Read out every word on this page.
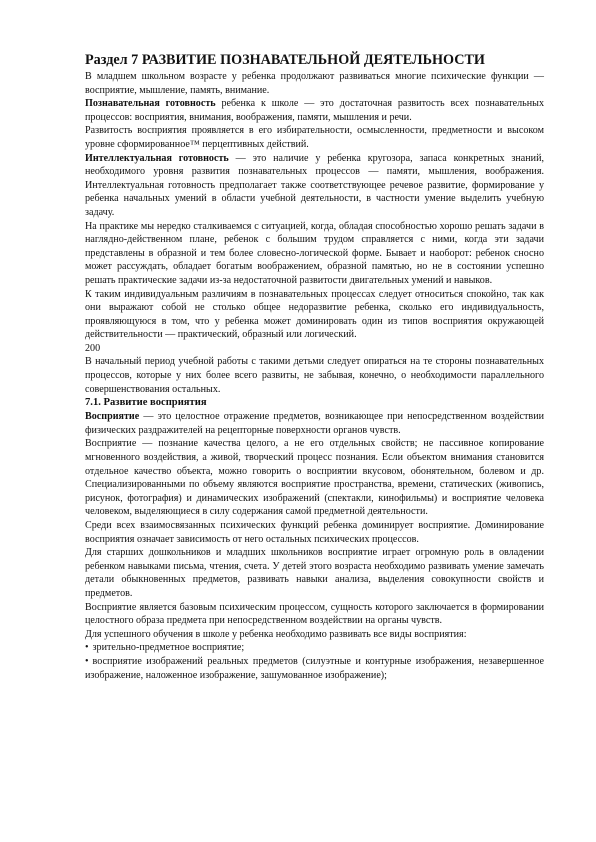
Раздел 7 РАЗВИТИЕ ПОЗНАВАТЕЛЬНОЙ ДЕЯТЕЛЬНОСТИ

В младшем школьном возрасте у ребенка продолжают развиваться многие психические функции — восприятие, мышление, память, внимание.

Познавательная готовность ребенка к школе — это достаточная развитость всех познавательных процессов: восприятия, внимания, воображения, памяти, мышления и речи.

Развитость восприятия проявляется в его избирательности, осмысленности, предметности и высоком уровне сформированное™ перцептивных действий.

Интеллектуальная готовность — это наличие у ребенка кругозора, запаса конкретных знаний, необходимого уровня развития познавательных процессов — памяти, мышления, воображения. Интеллектуальная готовность предполагает также соответствующее речевое развитие, формирование у ребенка начальных умений в области учебной деятельности, в частности умение выделить учебную задачу.

На практике мы нередко сталкиваемся с ситуацией, когда, обладая способностью хорошо решать задачи в наглядно-действенном плане, ребенок с большим трудом справляется с ними, когда эти задачи представлены в образной и тем более словесно-логической форме. Бывает и наоборот: ребенок сносно может рассуждать, обладает богатым воображением, образной памятью, но не в состоянии успешно решать практические задачи из-за недостаточной развитости двигательных умений и навыков.

К таким индивидуальным различиям в познавательных процессах следует относиться спокойно, так как они выражают собой не столько общее недоразвитие ребенка, сколько его индивидуальность, проявляющуюся в том, что у ребенка может доминировать один из типов восприятия окружающей действительности — практический, образный или логический.

200

В начальный период учебной работы с такими детьми следует опираться на те стороны познавательных процессов, которые у них более всего развиты, не забывая, конечно, о необходимости параллельного совершенствования остальных.

7.1. Развитие восприятия

Восприятие — это целостное отражение предметов, возникающее при непосредственном воздействии физических раздражителей на рецепторные поверхности органов чувств.

Восприятие — познание качества целого, а не его отдельных свойств; не пассивное копирование мгновенного воздействия, а живой, творческий процесс познания. Если объектом внимания становится отдельное качество объекта, можно говорить о восприятии вкусовом, обонятельном, болевом и др. Специализированными по объему являются восприятие пространства, времени, статических (живопись, рисунок, фотография) и динамических изображений (спектакли, кинофильмы) и восприятие человека человеком, выделяющиеся в силу содержания самой предметной деятельности.

Среди всех взаимосвязанных психических функций ребенка доминирует восприятие. Доминирование восприятия означает зависимость от него остальных психических процессов.

Для старших дошкольников и младших школьников восприятие играет огромную роль в овладении ребенком навыками письма, чтения, счета. У детей этого возраста необходимо развивать умение замечать детали обыкновенных предметов, развивать навыки анализа, выделения совокупности свойств и предметов.

Восприятие является базовым психическим процессом, сущность которого заключается в формировании целостного образа предмета при непосредственном воздействии на органы чувств.

Для успешного обучения в школе у ребенка необходимо развивать все виды восприятия:

• зрительно-предметное восприятие;

• восприятие изображений реальных предметов (силуэтные и контурные изображения, незавершенное изображение, наложенное изображение, зашумованное изображение);
